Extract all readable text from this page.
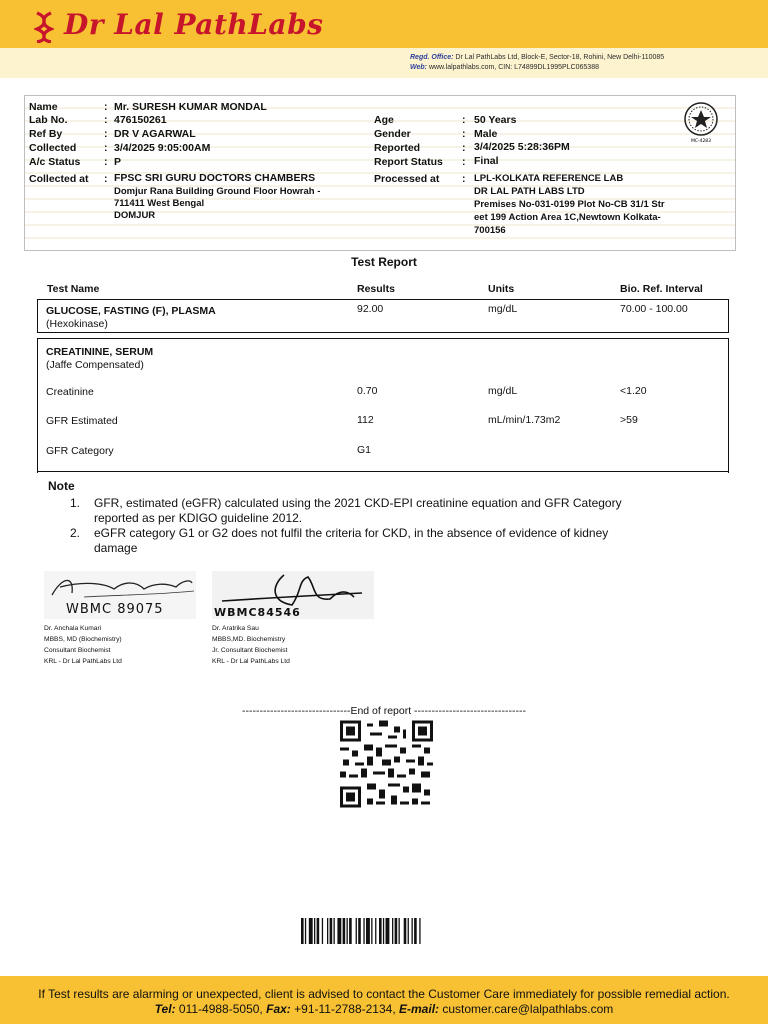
Dr Lal PathLabs
Regd. Office: Dr Lal PathLabs Ltd, Block-E, Sector-18, Rohini, New Delhi-110085
Web: www.lalpathlabs.com, CIN: L74899DL1995PLC065388
Name	: Mr. SURESH KUMAR MONDAL
Lab No.	: 476150261
Ref By	: DR V AGARWAL
Collected	: 3/4/2025 9:05:00AM
A/c Status : P
Collected at : FPSC SRI GURU DOCTORS CHAMBERS
Domjur Rana Building Ground Floor Howrah -
711411 West Bengal
DOMJUR
Age	: 50 Years
Gender	: Male
Reported	: 3/4/2025 5:28:36PM
Report Status : Final
Processed at : LPL-KOLKATA REFERENCE LAB
DR LAL PATH LABS LTD
Premises No-031-0199 Plot No-CB 31/1 Str
eet 199 Action Area 1C,Newtown Kolkata-
700156
MC-4283
Test Report
Test Name	Results	Units	Bio. Ref. Interval
GLUCOSE, FASTING (F), PLASMA
(Hexokinase)
92.00	mg/dL	70.00 - 100.00
CREATININE, SERUM
(Jaffe Compensated)
Creatinine	0.70	mg/dL	<1.20
GFR Estimated	112	mL/min/1.73m2	>59
GFR Category	G1
Note
1. GFR, estimated (eGFR) calculated using the 2021 CKD-EPI creatinine equation and GFR Category reported as per KDIGO guideline 2012.
2. eGFR category G1 or G2 does not fulfil the criteria for CKD, in the absence of evidence of kidney damage
WBMC 89075	WBMC84546
Dr. Anchala Kumari
MBBS, MD (Biochemistry)
Consultant Biochemist
KRL - Dr Lal PathLabs Ltd
Dr. Aratrika Sau
MBBS,MD. Biochemistry
Jr. Consultant Biochemist
KRL - Dr Lal PathLabs Ltd
-------------------------------End of report --------------------------------
If Test results are alarming or unexpected, client is advised to contact the Customer Care immediately for possible remedial action.
Tel: 011-4988-5050, Fax: +91-11-2788-2134, E-mail: customer.care@lalpathlabs.com
